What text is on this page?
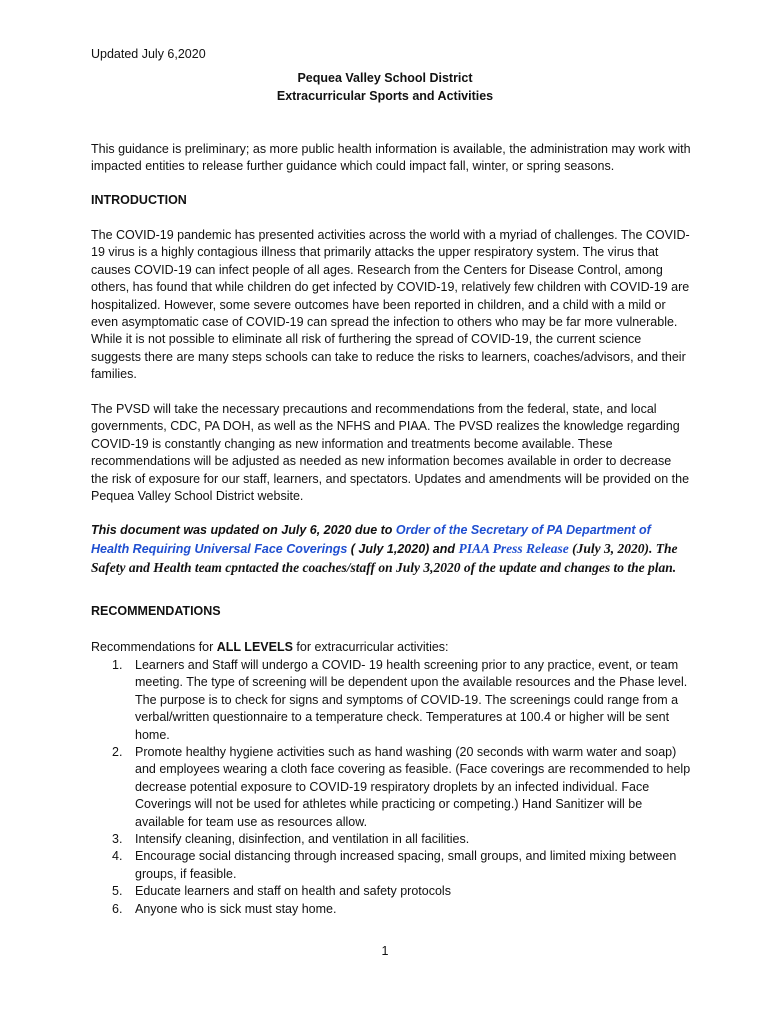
Updated July 6,2020
Pequea Valley School District
Extracurricular Sports and Activities
This guidance is preliminary; as more public health information is available, the administration may work with impacted entities to release further guidance which could impact fall, winter, or spring seasons.
INTRODUCTION
The COVID-19 pandemic has presented activities across the world with a myriad of challenges. The COVID-19 virus is a highly contagious illness that primarily attacks the upper respiratory system. The virus that causes COVID-19 can infect people of all ages. Research from the Centers for Disease Control, among others, has found that while children do get infected by COVID-19, relatively few children with COVID-19 are hospitalized. However, some severe outcomes have been reported in children, and a child with a mild or even asymptomatic case of COVID-19 can spread the infection to others who may be far more vulnerable. While it is not possible to eliminate all risk of furthering the spread of COVID-19, the current science suggests there are many steps schools can take to reduce the risks to learners, coaches/advisors, and their families.
The PVSD will take the necessary precautions and recommendations from the federal, state, and local governments, CDC, PA DOH, as well as the NFHS and PIAA. The PVSD realizes the knowledge regarding COVID-19 is constantly changing as new information and treatments become available. These recommendations will be adjusted as needed as new information becomes available in order to decrease the risk of exposure for our staff, learners, and spectators. Updates and amendments will be provided on the Pequea Valley School District website.
This document was updated on July 6, 2020 due to Order of the Secretary of PA Department of Health Requiring Universal Face Coverings ( July 1,2020) and PIAA Press Release (July 3, 2020). The Safety and Health team cpntacted the coaches/staff on July 3,2020 of the update and changes to the plan.
RECOMMENDATIONS
Recommendations for ALL LEVELS for extracurricular activities:
1. Learners and Staff will undergo a COVID- 19 health screening prior to any practice, event, or team meeting. The type of screening will be dependent upon the available resources and the Phase level. The purpose is to check for signs and symptoms of COVID-19. The screenings could range from a verbal/written questionnaire to a temperature check. Temperatures at 100.4 or higher will be sent home.
2. Promote healthy hygiene activities such as hand washing (20 seconds with warm water and soap) and employees wearing a cloth face covering as feasible. (Face coverings are recommended to help decrease potential exposure to COVID-19 respiratory droplets by an infected individual. Face Coverings will not be used for athletes while practicing or competing.) Hand Sanitizer will be available for team use as resources allow.
3. Intensify cleaning, disinfection, and ventilation in all facilities.
4. Encourage social distancing through increased spacing, small groups, and limited mixing between groups, if feasible.
5. Educate learners and staff on health and safety protocols
6. Anyone who is sick must stay home.
1
